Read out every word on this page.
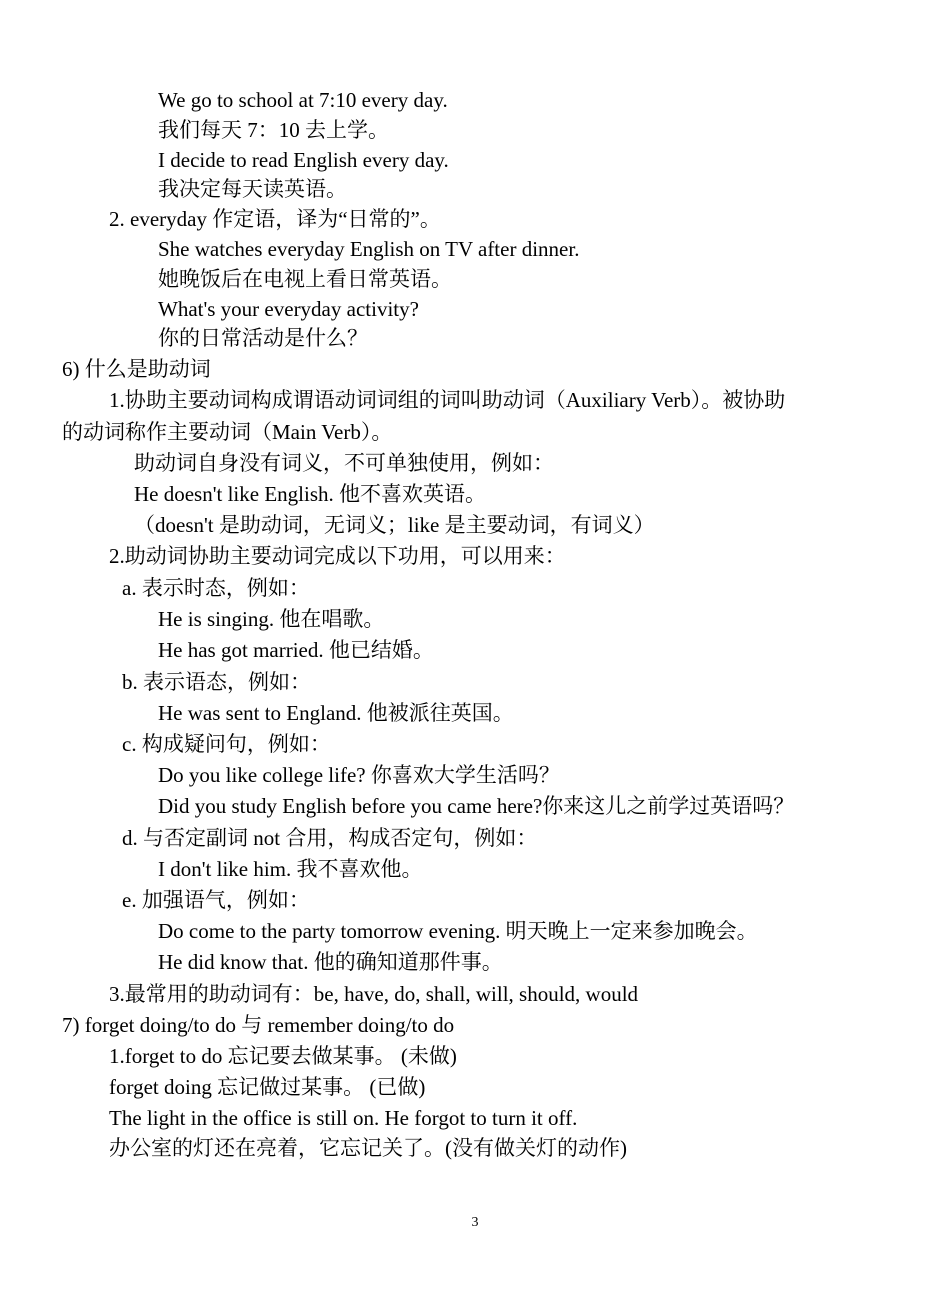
We go to school at 7:10 every day.
我们每天 7：10 去上学。
I decide to read English every day.
我决定每天读英语。
2. everyday 作定语，译为“日常的”。
She watches everyday English on TV after dinner.
她晚饭后在电视上看日常英语。
What's your everyday activity?
你的日常活动是什么？
6) 什么是助动词
1.协助主要动词构成谓语动词词组的词叫助动词（Auxiliary Verb）。被协助
的动词称作主要动词（Main Verb）。
助动词自身没有词义，不可单独使用，例如：
He doesn't like English. 他不喜欢英语。
（doesn't 是助动词，无词义；like 是主要动词，有词义）
2.助动词协助主要动词完成以下功用，可以用来：
a. 表示时态，例如：
He is singing. 他在唱歌。
He has got married. 他已结婚。
b. 表示语态，例如：
He was sent to England. 他被派往英国。
c. 构成疑问句，例如：
Do you like college life? 你喜欢大学生活吗？
Did you study English before you came here?你来这儿之前学过英语吗？
d. 与否定副词 not 合用，构成否定句，例如：
I don't like him. 我不喜欢他。
e. 加强语气，例如：
Do come to the party tomorrow evening. 明天晚上一定来参加晚会。
He did know that. 他的确知道那件事。
3.最常用的助动词有：be, have, do, shall, will, should, would
7) forget doing/to do 与 remember doing/to do
1.forget to do 忘记要去做某事。 (未做)
forget doing 忘记做过某事。 (已做)
The light in the office is still on. He forgot to turn it off.
办公室的灯还在亮着，它忘记关了。(没有做关灯的动作)
3
